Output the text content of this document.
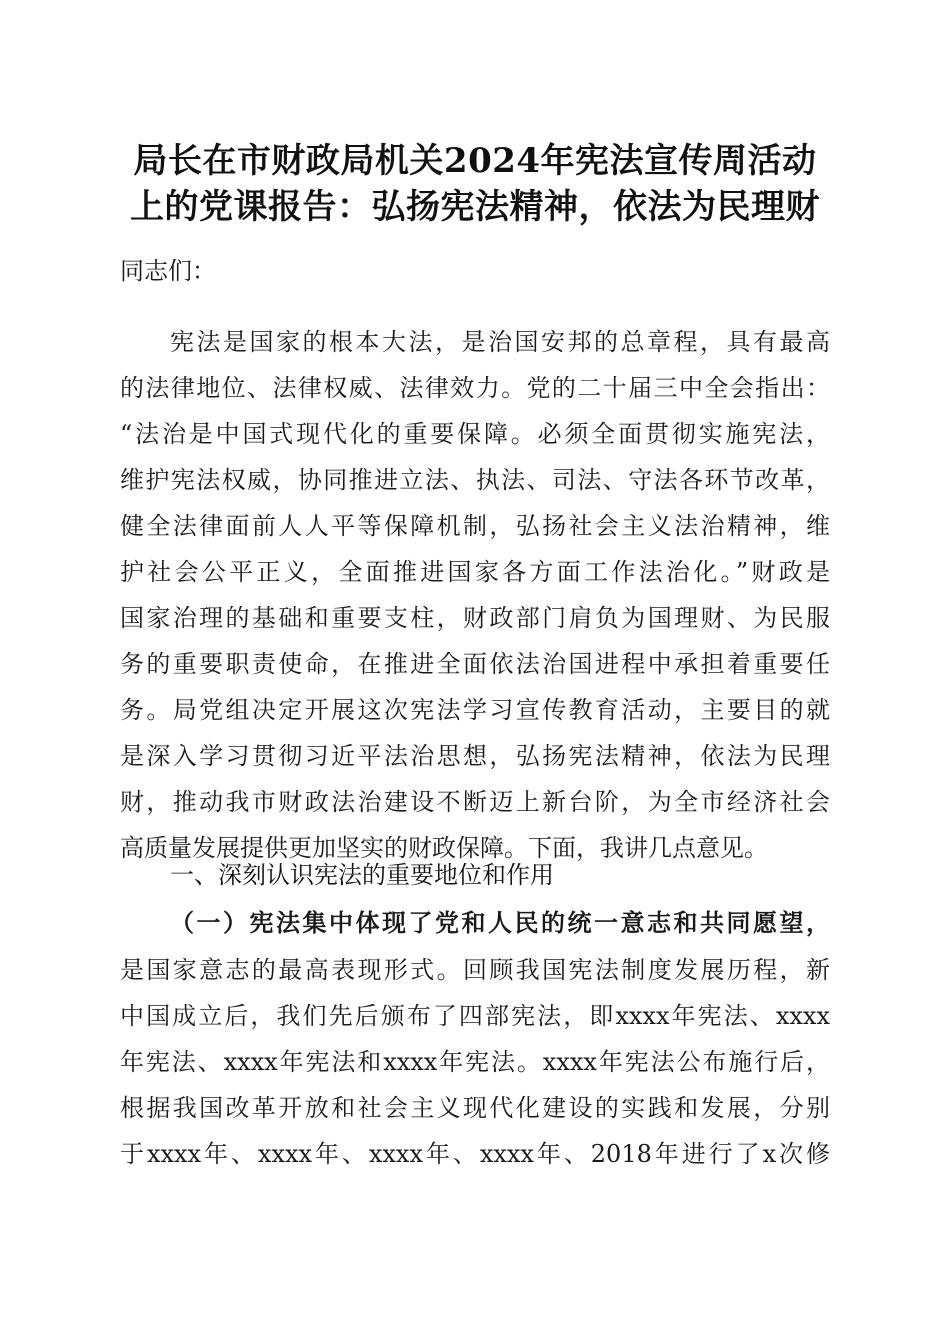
局长在市财政局机关2024年宪法宣传周活动
上的党课报告：弘扬宪法精神，依法为民理财
同志们：
宪法是国家的根本大法，是治国安邦的总章程，具有最高
的法律地位、法律权威、法律效力。党的二十届三中全会指出：
“法治是中国式现代化的重要保障。必须全面贯彻实施宪法，
维护宪法权威，协同推进立法、执法、司法、守法各环节改革，
健全法律面前人人平等保障机制，弘扬社会主义法治精神，维
护社会公平正义，全面推进国家各方面工作法治化。”财政是
国家治理的基础和重要支柱，财政部门肩负为国理财、为民服
务的重要职责使命，在推进全面依法治国进程中承担着重要任
务。局党组决定开展这次宪法学习宣传教育活动，主要目的就
是深入学习贯彻习近平法治思想，弘扬宪法精神，依法为民理
财，推动我市财政法治建设不断迈上新台阶，为全市经济社会
高质量发展提供更加坚实的财政保障。下面，我讲几点意见。
一、深刻认识宪法的重要地位和作用
（一）宪法集中体现了党和人民的统一意志和共同愿望，
是国家意志的最高表现形式。回顾我国宪法制度发展历程，新
中国成立后，我们先后颁布了四部宪法，即xxxx年宪法、xxxx
年宪法、xxxx年宪法和xxxx年宪法。xxxx年宪法公布施行后，
根据我国改革开放和社会主义现代化建设的实践和发展，分别
于xxxx年、xxxx年、xxxx年、xxxx年、2018年进行了x次修
